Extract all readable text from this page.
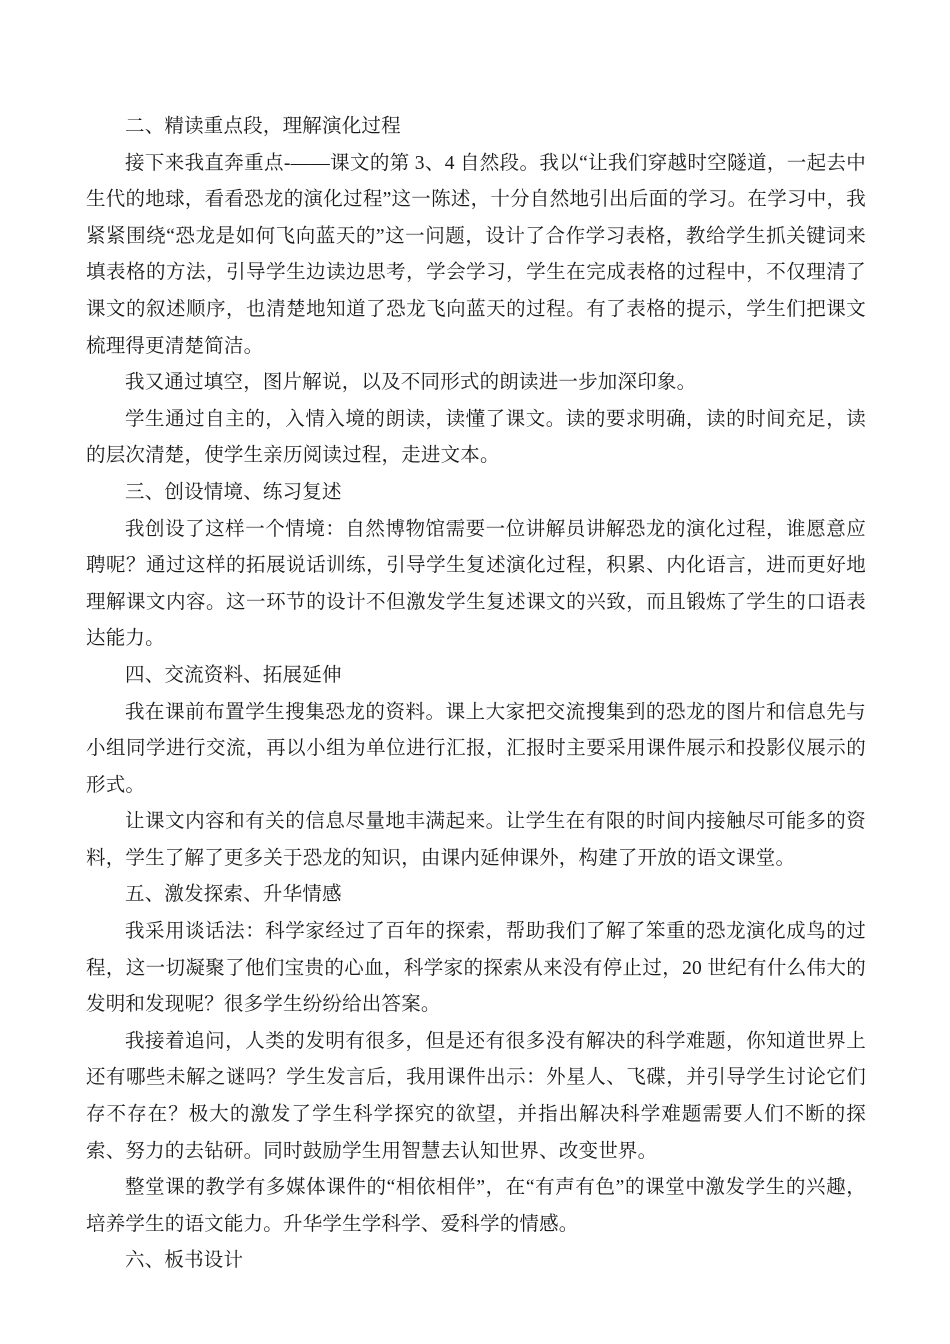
二、精读重点段，理解演化过程

接下来我直奔重点-——课文的第 3、4 自然段。我以“让我们穿越时空隧道，一起去中生代的地球，看看恐龙的演化过程”这一陈述，十分自然地引出后面的学习。在学习中，我紧紧围绕“恐龙是如何飞向蓝天的”这一问题，设计了合作学习表格，教给学生抓关键词来填表格的方法，引导学生边读边思考，学会学习，学生在完成表格的过程中，不仅理清了课文的叙述顺序，也清楚地知道了恐龙飞向蓝天的过程。有了表格的提示，学生们把课文梳理得更清楚简洁。

我又通过填空，图片解说，以及不同形式的朗读进一步加深印象。

学生通过自主的，入情入境的朗读，读懂了课文。读的要求明确，读的时间充足，读的层次清楚，使学生亲历阅读过程，走进文本。

三、创设情境、练习复述

我创设了这样一个情境：自然博物馆需要一位讲解员讲解恐龙的演化过程，谁愿意应聘呢？通过这样的拓展说话训练，引导学生复述演化过程，积累、内化语言，进而更好地理解课文内容。这一环节的设计不但激发学生复述课文的兴致，而且锻炼了学生的口语表达能力。

四、交流资料、拓展延伸

我在课前布置学生搜集恐龙的资料。课上大家把交流搜集到的恐龙的图片和信息先与小组同学进行交流，再以小组为单位进行汇报，汇报时主要采用课件展示和投影仪展示的形式。

让课文内容和有关的信息尽量地丰满起来。让学生在有限的时间内接触尽可能多的资料，学生了解了更多关于恐龙的知识，由课内延伸课外，构建了开放的语文课堂。

五、激发探索、升华情感

我采用谈话法：科学家经过了百年的探索，帮助我们了解了笨重的恐龙演化成鸟的过程，这一切凝聚了他们宝贵的心血，科学家的探索从来没有停止过，20 世纪有什么伟大的发明和发现呢？很多学生纷纷给出答案。

我接着追问，人类的发明有很多，但是还有很多没有解决的科学难题，你知道世界上还有哪些未解之谜吗？学生发言后，我用课件出示：外星人、飞碟，并引导学生讨论它们存不存在？极大的激发了学生科学探究的欲望，并指出解决科学难题需要人们不断的探索、努力的去钻研。同时鼓励学生用智慧去认知世界、改变世界。

整堂课的教学有多媒体课件的“相依相伴”，在“有声有色”的课堂中激发学生的兴趣，培养学生的语文能力。升华学生学科学、爱科学的情感。

六、板书设计
